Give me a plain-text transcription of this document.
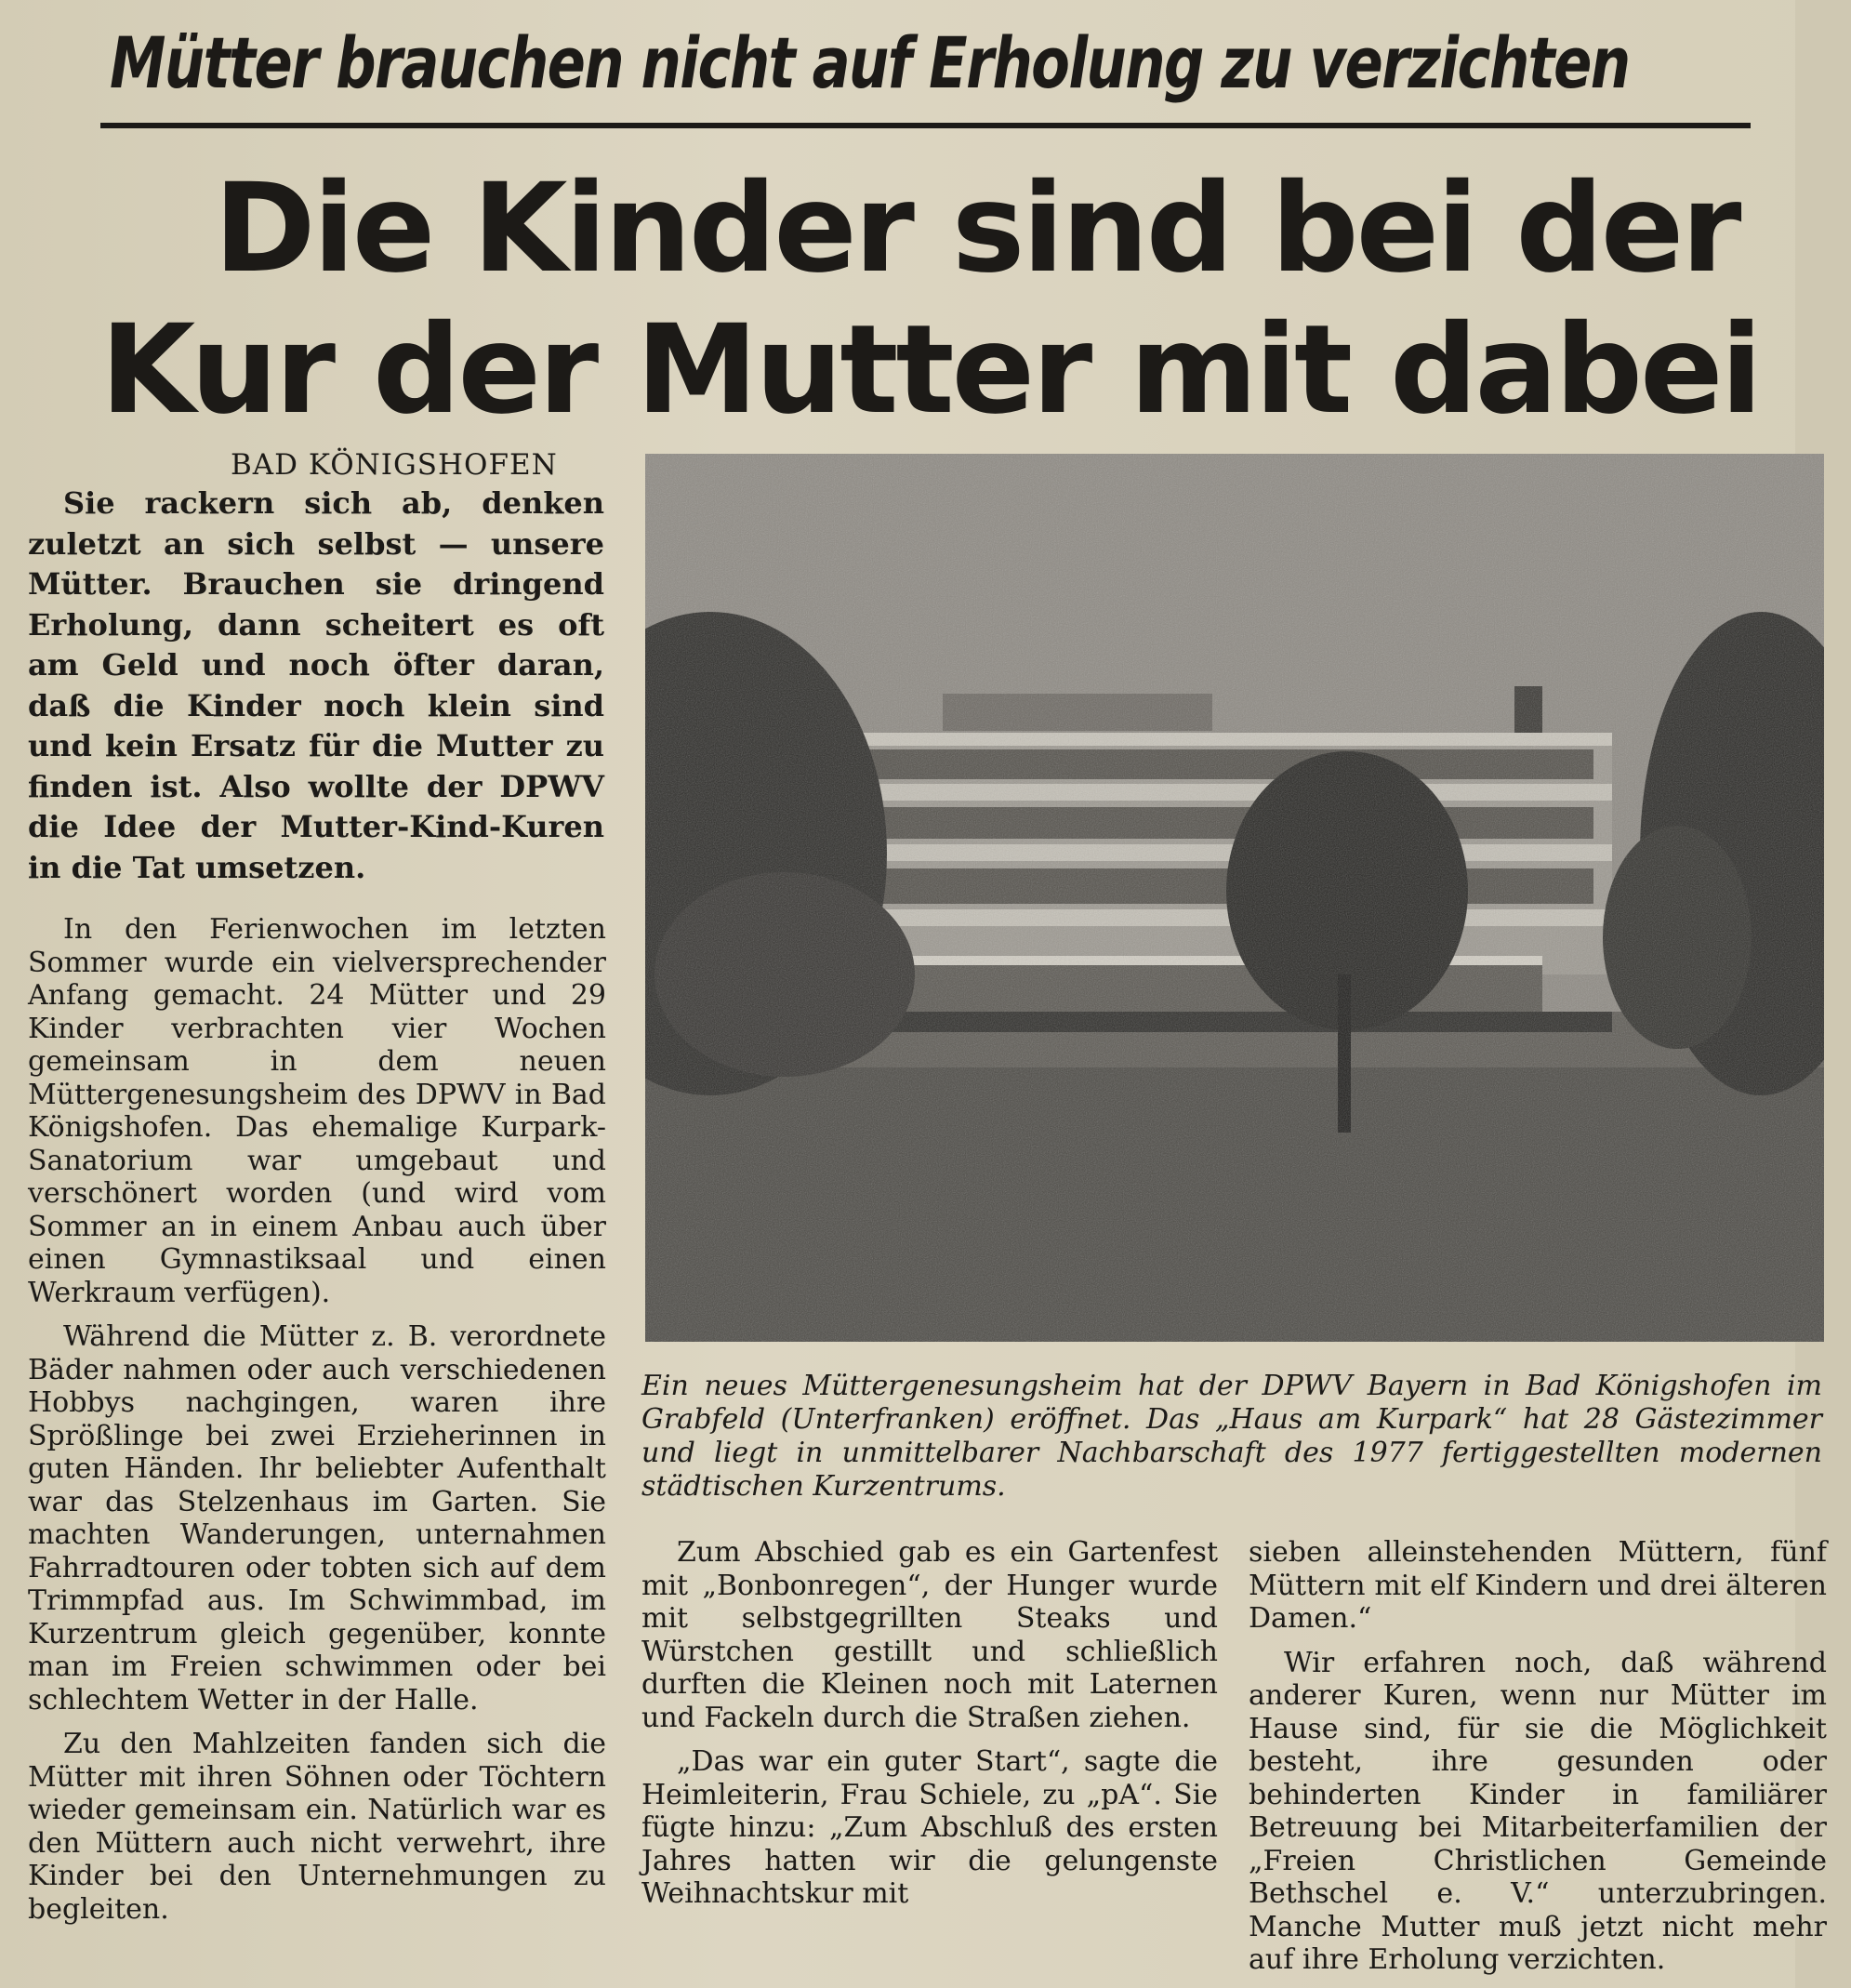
Mütter brauchen nicht auf Erholung zu verzichten
Die Kinder sind bei der
Kur der Mutter mit dabei
BAD KÖNIGSHOFEN

Sie rackern sich ab, denken zuletzt an sich selbst — unsere Mütter. Brauchen sie dringend Erholung, dann scheitert es oft am Geld und noch öfter daran, daß die Kinder noch klein sind und kein Ersatz für die Mutter zu finden ist. Also wollte der DPWV die Idee der Mutter-Kind-Kuren in die Tat umsetzen.

In den Ferienwochen im letzten Sommer wurde ein vielversprechender Anfang gemacht. 24 Mütter und 29 Kinder verbrachten vier Wochen gemeinsam in dem neuen Müttergenesungsheim des DPWV in Bad Königshofen. Das ehemalige Kurpark-Sanatorium war umgebaut und verschönert worden (und wird vom Sommer an in einem Anbau auch über einen Gymnastiksaal und einen Werkraum verfügen).

Während die Mütter z. B. verordnete Bäder nahmen oder auch verschiedenen Hobbys nachgingen, waren ihre Sprößlinge bei zwei Erzieherinnen in guten Händen. Ihr beliebter Aufenthalt war das Stelzenhaus im Garten. Sie machten Wanderungen, unternahmen Fahrradtouren oder tobten sich auf dem Trimmpfad aus. Im Schwimmbad, im Kurzentrum gleich gegenüber, konnte man im Freien schwimmen oder bei schlechtem Wetter in der Halle.

Zu den Mahlzeiten fanden sich die Mütter mit ihren Söhnen oder Töchtern wieder gemeinsam ein. Natürlich war es den Müttern auch nicht verwehrt, ihre Kinder bei den Unternehmungen zu begleiten.

Ein neues Müttergenesungsheim hat der DPWV Bayern in Bad Königshofen im Grabfeld (Unterfranken) eröffnet. Das „Haus am Kurpark“ hat 28 Gästezimmer und liegt in unmittelbarer Nachbarschaft des 1977 fertiggestellten modernen städtischen Kurzentrums.

Zum Abschied gab es ein Gartenfest mit „Bonbonregen“, der Hunger wurde mit selbstgegrillten Steaks und Würstchen gestillt und schließlich durften die Kleinen noch mit Laternen und Fackeln durch die Straßen ziehen.

„Das war ein guter Start“, sagte die Heimleiterin, Frau Schiele, zu „pA“. Sie fügte hinzu: „Zum Abschluß des ersten Jahres hatten wir die gelungenste Weihnachtskur mit

sieben alleinstehenden Müttern, fünf Müttern mit elf Kindern und drei älteren Damen.“

Wir erfahren noch, daß während anderer Kuren, wenn nur Mütter im Hause sind, für sie die Möglichkeit besteht, ihre gesunden oder behinderten Kinder in familiärer Betreuung bei Mitarbeiterfamilien der „Freien Christlichen Gemeinde Bethschel e. V.“ unterzubringen. Manche Mutter muß jetzt nicht mehr auf ihre Erholung verzichten.
